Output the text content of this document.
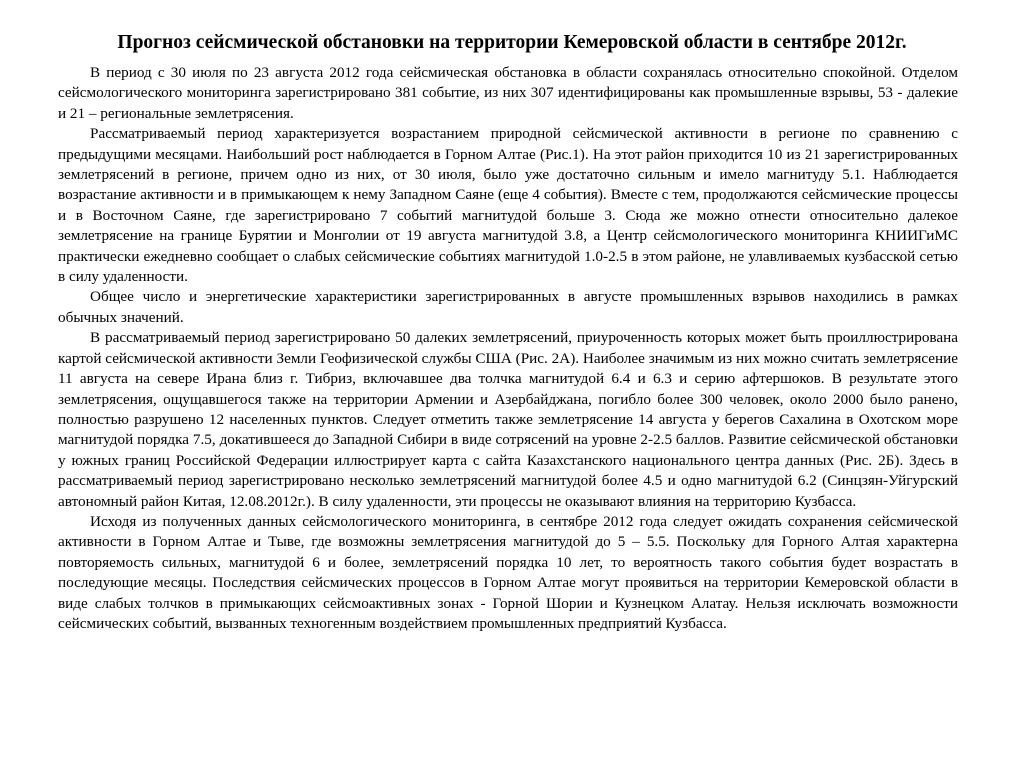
Прогноз сейсмической обстановки на территории Кемеровской области в сентябре 2012г.

В период с 30 июля по 23 августа 2012 года сейсмическая обстановка в области сохранялась относительно спокойной. Отделом сейсмологического мониторинга зарегистрировано 381 событие, из них 307 идентифицированы как промышленные взрывы, 53 - далекие и 21 – региональные землетрясения.

Рассматриваемый период характеризуется возрастанием природной сейсмической активности в регионе по сравнению с предыдущими месяцами. Наибольший рост наблюдается в Горном Алтае (Рис.1). На этот район приходится 10 из 21 зарегистрированных землетрясений в регионе, причем одно из них, от 30 июля, было уже достаточно сильным и имело магнитуду 5.1. Наблюдается возрастание активности и в примыкающем к нему Западном Саяне (еще 4 события). Вместе с тем, продолжаются сейсмические процессы и в Восточном Саяне, где зарегистрировано 7 событий магнитудой больше 3. Сюда же можно отнести относительно далекое землетрясение на границе Бурятии и Монголии от 19 августа магнитудой 3.8, а Центр сейсмологического мониторинга КНИИГиМС практически ежедневно сообщает о слабых сейсмические событиях магнитудой 1.0-2.5 в этом районе, не улавливаемых кузбасской сетью в силу удаленности.

Общее число и энергетические характеристики зарегистрированных в августе промышленных взрывов находились в рамках обычных значений.

В рассматриваемый период зарегистрировано 50 далеких землетрясений, приуроченность которых может быть проиллюстрирована картой сейсмической активности Земли Геофизической службы США (Рис. 2А). Наиболее значимым из них можно считать землетрясение 11 августа на севере Ирана близ г. Тибриз, включавшее два толчка магнитудой 6.4 и 6.3 и серию афтершоков. В результате этого землетрясения, ощущавшегося также на территории Армении и Азербайджана, погибло более 300 человек, около 2000 было ранено, полностью разрушено 12 населенных пунктов. Следует отметить также землетрясение 14 августа у берегов Сахалина в Охотском море магнитудой порядка 7.5, докатившееся до Западной Сибири в виде сотрясений на уровне 2-2.5 баллов. Развитие сейсмической обстановки у южных границ Российской Федерации иллюстрирует карта с сайта Казахстанского национального центра данных (Рис. 2Б). Здесь в рассматриваемый период зарегистрировано несколько землетрясений магнитудой более 4.5 и одно магнитудой 6.2 (Синцзян-Уйгурский автономный район Китая, 12.08.2012г.). В силу удаленности, эти процессы не оказывают влияния на территорию Кузбасса.

Исходя из полученных данных сейсмологического мониторинга, в сентябре 2012 года следует ожидать сохранения сейсмической активности в Горном Алтае и Тыве, где возможны землетрясения магнитудой до 5 – 5.5. Поскольку для Горного Алтая характерна повторяемость сильных, магнитудой 6 и более, землетрясений порядка 10 лет, то вероятность такого события будет возрастать в последующие месяцы. Последствия сейсмических процессов в Горном Алтае могут проявиться на территории Кемеровской области в виде слабых толчков в примыкающих сейсмоактивных зонах - Горной Шории и Кузнецком Алатау. Нельзя исключать возможности сейсмических событий, вызванных техногенным воздействием промышленных предприятий Кузбасса.
